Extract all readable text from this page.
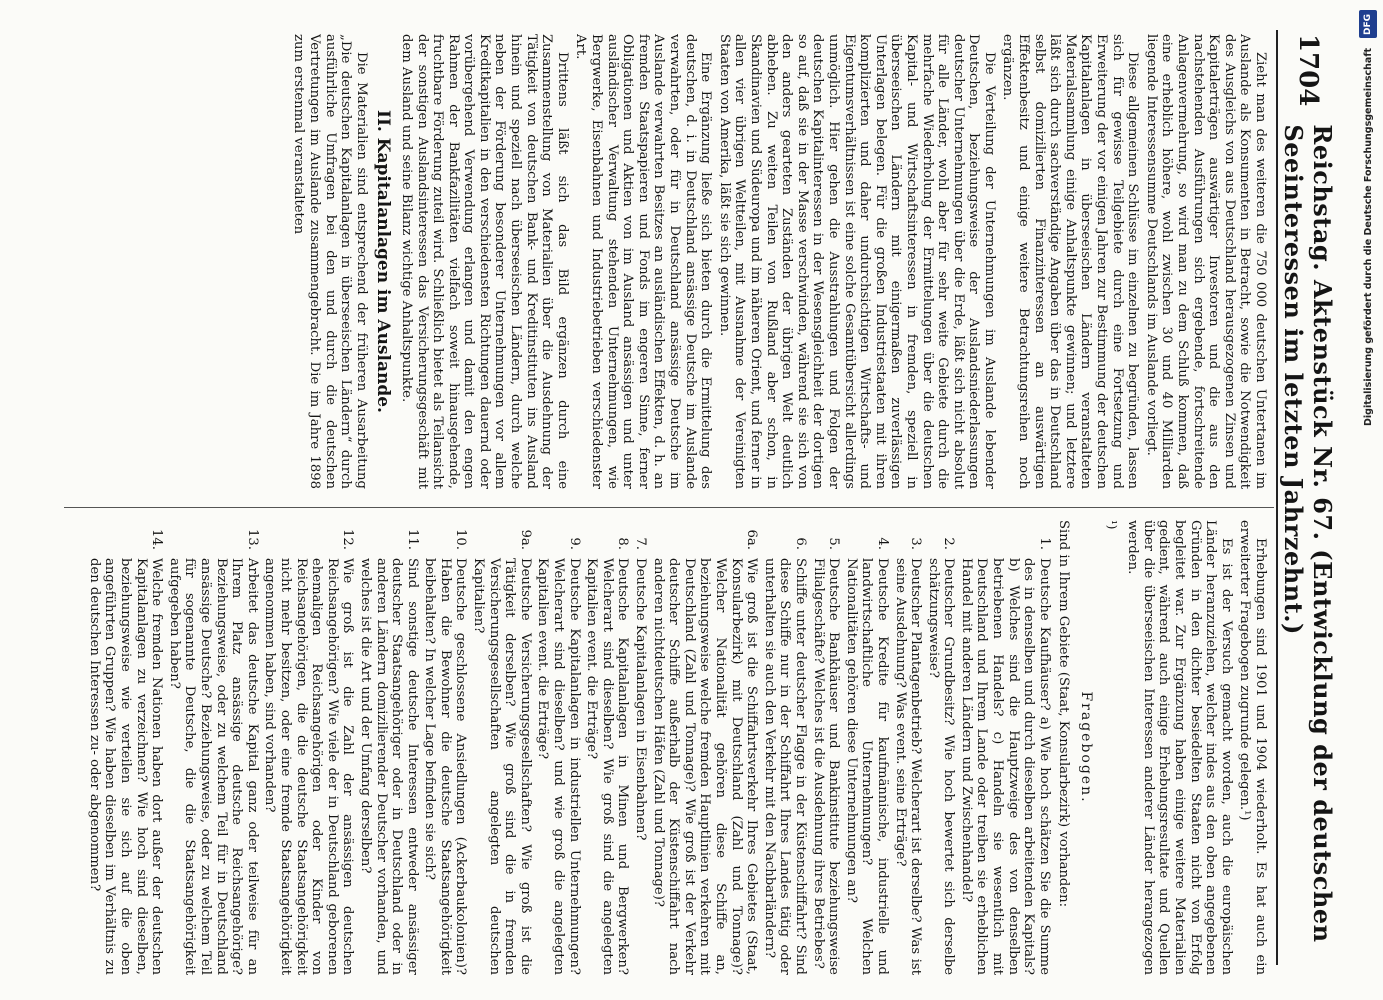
1704
Reichstag. Aktenstück Nr. 67. (Entwicklung der deutschen Seeinteressen im letzten Jahrzehnt.)

Zieht man des weiteren die 750 000 deutschen Untertanen im Auslande als Konsumenten in Betracht, sowie die Notwendigkeit des Ausgleichs von aus Deutschland herausgezogenen Zinsen und Kapitalerträgen auswärtiger Investoren und die aus den nachstehenden Ausführungen sich ergebende, fortschreitende Anlagenvermehrung, so wird man zu dem Schluß kommen, daß eine erheblich höhere, wohl zwischen 30 und 40 Milliarden liegende Interessensumme Deutschlands im Auslande vorliegt.

Diese allgemeinen Schlüsse im einzelnen zu begründen, lassen sich für gewisse Teilgebiete durch eine Fortsetzung und Erweiterung der vor einigen Jahren zur Bestimmung der deutschen Kapitalanlagen in überseeischen Ländern veranstalteten Materialsammlung einige Anhaltspunkte gewinnen; und letztere läßt sich durch sachverständige Angaben über das in Deutschland selbst domizilierten Finanzinteressen an auswärtigen Effektenbesitz und einige weitere Betrachtungsreihen noch ergänzen.

Die Verteilung der Unternehmungen im Auslande lebender Deutschen, beziehungsweise der Auslandsniederlassungen deutscher Unternehmungen über die Erde, läßt sich nicht absolut für alle Länder, wohl aber für sehr weite Gebiete durch die mehrfache Wiederholung der Ermittelungen über die deutschen Kapital- und Wirtschaftsinteressen in fremden, speziell in überseeischen Ländern mit einigermaßen zuverlässigen Unterlagen belegen. Für die großen Industriestaaten mit ihren komplizierten und daher undurchsichtigen Wirtschafts- und Eigentumsverhältnissen ist eine solche Gesamtübersicht allerdings unmöglich. Hier gehen die Ausstrahlungen und Folgen der deutschen Kapitalinteressen in der Wesensgleichheit der dortigen so auf, daß sie in der Masse verschwinden, während sie sich von den anders gearteten Zuständen der übrigen Welt deutlich abheben. Zu weiten Teilen von Rußland aber schon, in Skandinavien und Südeuropa und im näheren Orient, und ferner in allen vier übrigen Weltteilen, mit Ausnahme der Vereinigten Staaten von Amerika, läßt sie sich gewinnen.

Eine Ergänzung ließe sich bieten durch die Ermittelung des deutschen, d. i. in Deutschland ansässige Deutsche im Auslande verwahrten, oder für in Deutschland ansässige Deutsche im Auslande verwahrten Besitzes an ausländischen Effekten, d. h. an fremden Staatspapieren und Fonds im engeren Sinne, ferner Obligationen und Aktien von im Ausland ansässigen und unter ausländischer Verwaltung stehenden Unternehmungen, wie Bergwerke, Eisenbahnen und Industriebetrieben verschiedenster Art.

Drittens läßt sich das Bild ergänzen durch eine Zusammenstellung von Materialien über die Ausdehnung der Tätigkeit von deutschen Bank- und Kreditinstituten ins Ausland hinein und speziell nach überseeischen Ländern, durch welche neben der Förderung besonderer Unternehmungen vor allem Kreditkapitalien in den verschiedensten Richtungen dauernd oder vorübergehend Verwendung erlangen und damit den engen Rahmen der Bankfazilitäten vielfach soweit hinausgehende, fruchtbare Förderung zuteil wird. Schließlich bietet als Teilansicht der sonstigen Auslandsinteressen das Versicherungsgeschäft mit dem Ausland und seine Bilanz wichtige Anhaltspunkte.

II. Kapitalanlagen im Auslande.

Die Materialien sind entsprechend der früheren Ausarbeitung „Die deutschen Kapitalanlagen in überseeischen Ländern“ durch ausführliche Umfragen bei den und durch die deutschen Vertretungen im Auslande zusammengebracht. Die im Jahre 1898 zum erstenmal veranstalteten

Erhebungen sind 1901 und 1904 wiederholt. Es hat auch ein erweiterter Fragebogen zugrunde gelegen.¹)

Es ist der Versuch gemacht worden, auch die europäischen Länder heranzuziehen, welcher indes aus den oben angegebenen Gründen in den dichter besiedelten Staaten nicht von Erfolg begleitet war. Zur Ergänzung haben einige weitere Materialien gedient, während auch einige Erhebungsresultate und Quellen über die überseeischen Interessen anderer Länder herangezogen werden.

¹)
Fragebogen.
Sind in Ihrem Gebiete (Staat, Konsularbezirk) vorhanden:
1.
Deutsche Kaufhäuser? a) Wie hoch schätzen Sie die Summe des in denselben und durch dieselben arbeitenden Kapitals? b) Welches sind die Hauptzweige des von denselben betriebenen Handels? c) Handeln sie wesentlich mit Deutschland und Ihrem Lande oder treiben sie erheblichen Handel mit anderen Ländern und Zwischenhandel?
2.
Deutscher Grundbesitz? Wie hoch bewertet sich derselbe schätzungsweise?
3.
Deutscher Plantagenbetrieb? Welcherart ist derselbe? Was ist seine Ausdehnung? Was event. seine Erträge?
4.
Deutsche Kredite für kaufmännische, industrielle und landwirtschaftliche Unternehmungen? Welchen Nationalitäten gehören diese Unternehmungen an?
5.
Deutsche Bankhäuser und Bankinstitute beziehungsweise Filialgeschäfte? Welches ist die Ausdehnung ihres Betriebes?
6.
Schiffe unter deutscher Flagge in der Küstenschiffahrt? Sind diese Schiffe nur in der Schiffahrt Ihres Landes tätig oder unterhalten sie auch den Verkehr mit den Nachbarländern?
6a.
Wie groß ist die Schiffahrtsverkehr Ihres Gebietes (Staat, Konsularbezirk) mit Deutschland (Zahl und Tonnage)? Welcher Nationalität gehören diese Schiffe an, beziehungsweise welche fremden Hauptlinien verkehren mit Deutschland (Zahl und Tonnage)? Wie groß ist der Verkehr deutscher Schiffe außerhalb der Küstenschiffahrt nach anderen nichtdeutschen Häfen (Zahl und Tonnage)?
7.
Deutsche Kapitalanlagen in Eisenbahnen?
8.
Deutsche Kapitalanlagen in Minen und Bergwerken? Welcherart sind dieselben? Wie groß sind die angelegten Kapitalien event. die Erträge?
9.
Deutsche Kapitalanlagen in industriellen Unternehmungen? Welcherart sind dieselben? und wie groß die angelegten Kapitalien event. die Erträge?
9a.
Deutsche Versicherungsgesellschaften? Wie groß ist die Tätigkeit derselben? Wie groß sind die in fremden Versicherungsgesellschaften angelegten deutschen Kapitalien?
10.
Deutsche geschlossene Ansiedlungen (Ackerbaukolonien)? Haben die Bewohner die deutsche Staatsangehörigkeit beibehalten? In welcher Lage befinden sie sich?
11.
Sind sonstige deutsche Interessen entweder ansässiger deutscher Staatsangehöriger oder in Deutschland oder in anderen Ländern domizilierender Deutscher vorhanden, und welches ist die Art und der Umfang derselben?
12.
Wie groß ist die Zahl der ansässigen deutschen Reichsangehörigen? Wie viele der in Deutschland geborenen ehemaligen Reichsangehörigen oder Kinder von Reichsangehörigen, die die deutsche Staatsangehörigkeit nicht mehr besitzen, oder eine fremde Staatsangehörigkeit angenommen haben, sind vorhanden?
13.
Arbeitet das deutsche Kapital ganz oder teilweise für an Ihrem Platz ansässige deutsche Reichsangehörige? Beziehungsweise, oder zu welchem Teil für in Deutschland ansässige Deutsche? Beziehungsweise, oder zu welchem Teil für sogenannte Deutsche, die die Staatsangehörigkeit aufgegeben haben?
14.
Welche fremden Nationen haben dort außer der deutschen Kapitalanlagen zu verzeichnen? Wie hoch sind dieselben, beziehungsweise wie verteilen sie sich auf die oben angeführten Gruppen? Wie haben dieselben im Verhältnis zu den deutschen Interessen zu- oder abgenommen?
DFG
Digitalisierung gefördert durch die Deutsche Forschungsgemeinschaft
